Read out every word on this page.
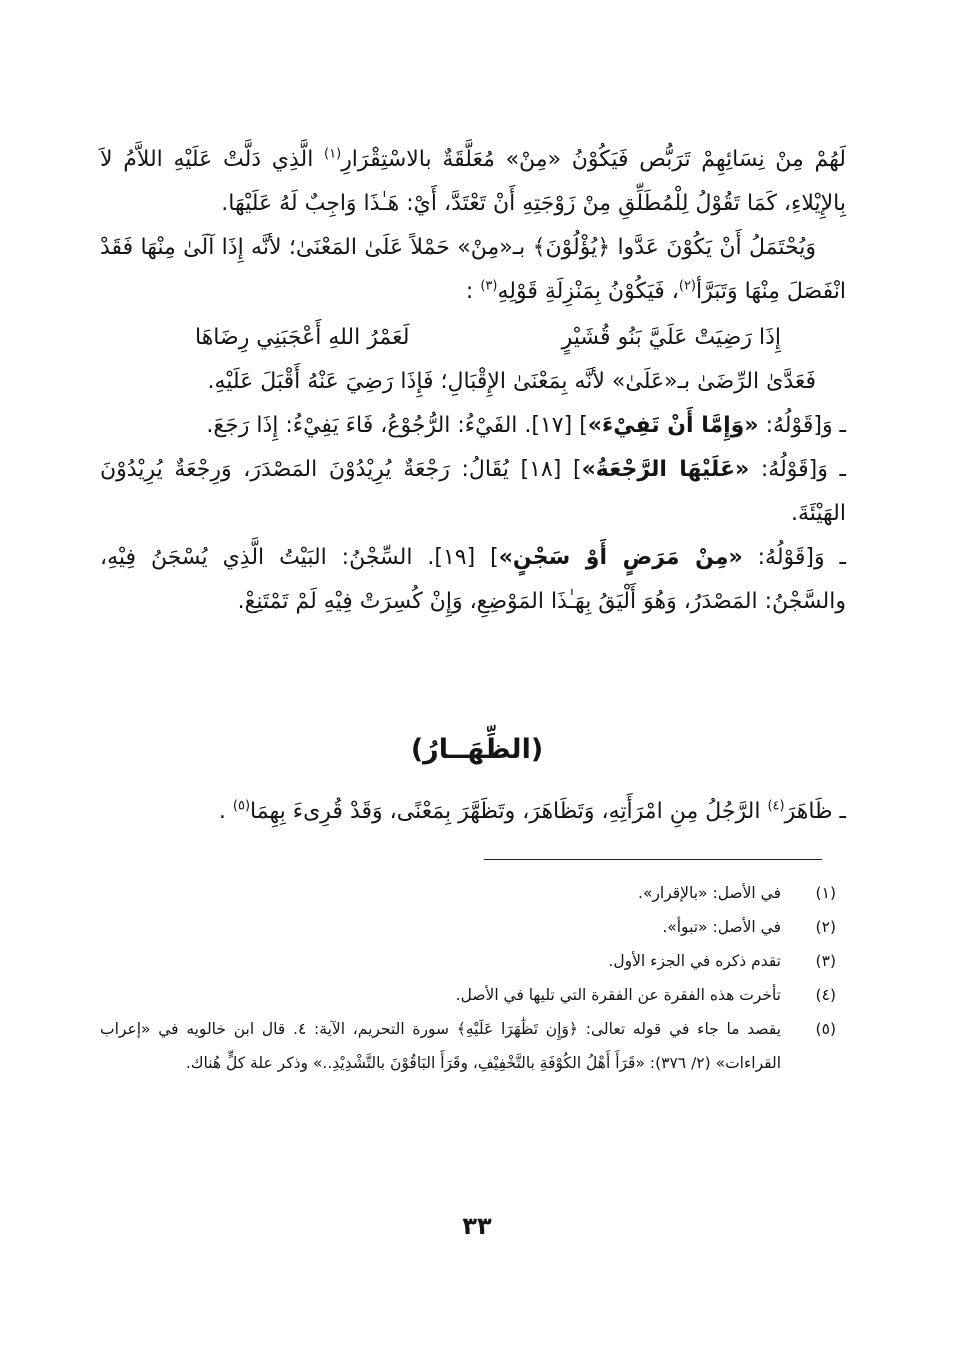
لَهُمْ مِنْ نِسَائِهِمْ تَرَبُّص فَيَكُوْنُ «مِنْ» مُعَلَّقَةٌ بالاسْتِقْرَارِ$^{(١)}$ الَّذِي دَلَّتْ عَلَيْهِ اللاَّمُ لاَ بِالإِيْلاءِ، كَمَا تَقُوْلُ لِلْمُطَلِّقِ مِنْ زَوْجَتِهِ أَنْ تَعْتَدَّ، أَيْ: هَـٰذَا وَاجِبٌ لَهُ عَلَيْهَا.

وَيُحْتَمَلُ أَنْ يَكُوْنَ عَدَّوا ﴿يُؤْلُوْنَ﴾ بـ«مِنْ» حَمْلاً عَلَىٰ المَعْنَىٰ؛ لأنَّه إِذَا آلَىٰ مِنْهَا فَقَدْ انْفَصَلَ مِنْهَا وَتَبَرَّأ$^{(٢)}$، فَيَكُوْنُ بِمَنْزِلَةِ قَوْلِهِ$^{(٣)}$ :

إِذَا رَضِيَتْ عَلَيَّ بَنُو قُشَيْرٍ
لَعَمْرُ اللهِ أَعْجَبَنِي رِضَاهَا

فَعَدَّىٰ الرِّضَىٰ بـ«عَلَىٰ» لأنَّه بِمَعْنَىٰ الإِقْبَالِ؛ فَإِذَا رَضِيَ عَنْهُ أَقْبَلَ عَلَيْهِ.

ـ وَ[قَوْلُهُ: «وَإِمَّا أَنْ تَفِيْءَ»] [١٧]. الفَيْءُ: الرُّجُوْعُ، فَاءَ يَفِيْءُ: إِذَا رَجَعَ.

ـ وَ[قَوْلُهُ: «عَلَيْهَا الرَّجْعَةُ»] [١٨] يُقَالُ: رَجْعَةٌ يُرِيْدُوْنَ المَصْدَرَ، وَرِجْعَةٌ يُرِيْدُوْنَ الهَيْئَةَ.

ـ وَ[قَوْلُهُ: «مِنْ مَرَضٍ أَوْ سَجْنٍ»] [١٩]. السِّجْنُ: البَيْتُ الَّذِي يُسْجَنُ فِيْهِ، والسَّجْنُ: المَصْدَرُ، وَهُوَ أَلْيَقُ بِهَـٰذَا المَوْضِعِ، وَإِنْ كُسِرَتْ فِيْهِ لَمْ تَمْتَنِعْ.

(الظِّهَــارُ)
ـ ظَاهَرَ$^{(٤)}$ الرَّجُلُ مِنِ امْرَأَتِهِ، وَتَظَاهَرَ، وتَظَهَّرَ بِمَعْنًى، وَقَدْ قُرِىءَ بِهِمَا$^{(٥)}$ .
(١)
في الأصل: «بالإقرار».
(٢)
في الأصل: «تبوأ».
(٣)
تقدم ذكره في الجزء الأول.
(٤)
تأخرت هذه الفقرة عن الفقرة التي تليها في الأصل.
(٥)
يقصد ما جاء في قوله تعالى: ﴿وَإِن تَظَٰهَرَا عَلَيْهِ﴾ سورة التحريم، الآية: ٤. قال ابن خالويه في «إعراب القراءات» (٢/ ٣٧٦): «قَرَأَ أَهْلُ الكُوْفَةِ بالتَّخْفِيْفِ، وقَرَأَ البَاقُوْنَ بالتَّشْدِيْدِ..» وذكر علة كلٍّ هُناك.
٣٣
